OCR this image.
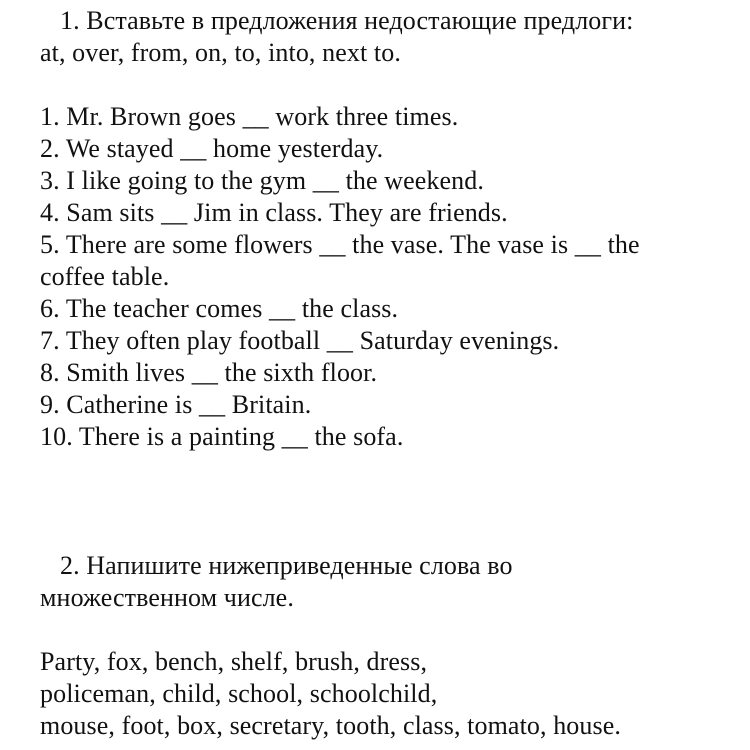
1. Вставьте в предложения недостающие предлоги:
at, over, from, on, to, into, next to.
1. Mr. Brown goes __ work three times.
2. We stayed __ home yesterday.
3. I like going to the gym __ the weekend.
4. Sam sits __ Jim in class. They are friends.
5. There are some flowers __ the vase. The vase is __ the
coffee table.
6. The teacher comes __ the class.
7. They often play football __ Saturday evenings.
8. Smith lives __ the sixth floor.
9. Catherine is __ Britain.
10. There is a painting __ the sofa.
2. Напишите нижеприведенные слова во
множественном числе.
Party, fox, bench, shelf, brush, dress,
policeman, child, school, schoolchild,
mouse, foot, box, secretary, tooth, class, tomato, house.
